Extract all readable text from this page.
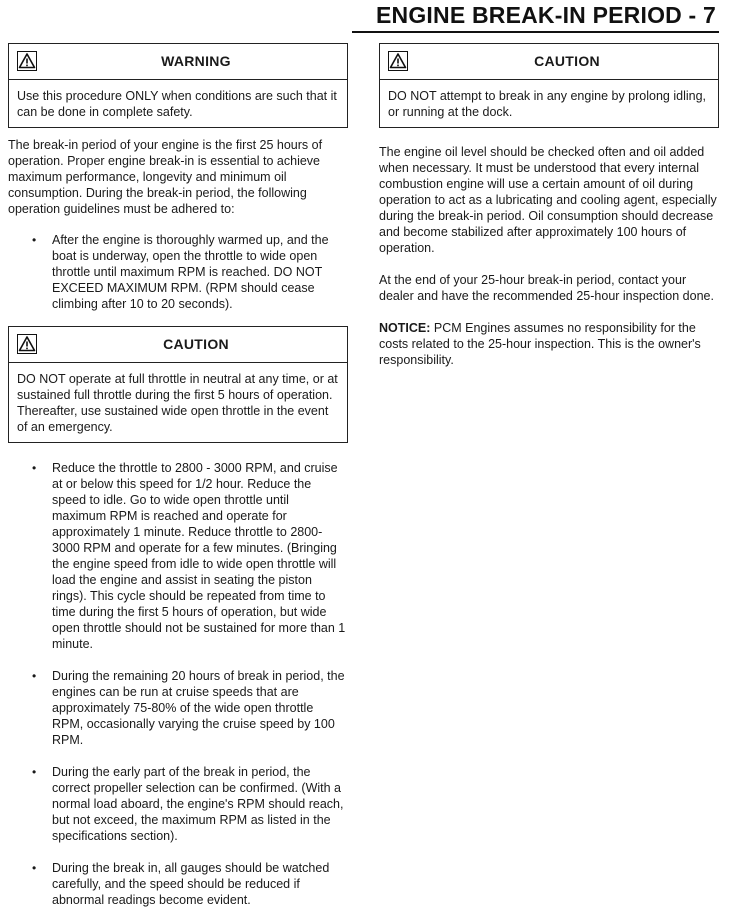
ENGINE BREAK-IN PERIOD - 7
WARNING
Use this procedure ONLY when conditions are such that it can be done in complete safety.

The break-in period of your engine is the first 25 hours of operation. Proper engine break-in is essential to achieve maximum performance, longevity and minimum oil consumption. During the break-in period, the following operation guidelines must be adhered to:

• After the engine is thoroughly warmed up, and the boat is underway, open the throttle to wide open throttle until maximum RPM is reached. DO NOT EXCEED MAXIMUM RPM. (RPM should cease climbing after 10 to 20 seconds).
CAUTION
DO NOT operate at full throttle in neutral at any time, or at sustained full throttle during the first 5 hours of operation. Thereafter, use sustained wide open throttle in the event of an emergency.
• Reduce the throttle to 2800 - 3000 RPM, and cruise at or below this speed for 1/2 hour. Reduce the speed to idle. Go to wide open throttle until maximum RPM is reached and operate for approximately 1 minute. Reduce throttle to 2800-3000 RPM and operate for a few minutes. (Bringing the engine speed from idle to wide open throttle will load the engine and assist in seating the piston rings). This cycle should be repeated from time to time during the first 5 hours of operation, but wide open throttle should not be sustained for more than 1 minute.
• During the remaining 20 hours of break in period, the engines can be run at cruise speeds that are approximately 75-80% of the wide open throttle RPM, occasionally varying the cruise speed by 100 RPM.
• During the early part of the break in period, the correct propeller selection can be confirmed. (With a normal load aboard, the engine's RPM should reach, but not exceed, the maximum RPM as listed in the specifications section).
• During the break in, all gauges should be watched carefully, and the speed should be reduced if abnormal readings become evident.
CAUTION
DO NOT attempt to break in any engine by prolong idling, or running at the dock.

The engine oil level should be checked often and oil added when necessary. It must be understood that every internal combustion engine will use a certain amount of oil during operation to act as a lubricating and cooling agent, especially during the break-in period. Oil consumption should decrease and become stabilized after approximately 100 hours of operation.

At the end of your 25-hour break-in period, contact your dealer and have the recommended 25-hour inspection done.

NOTICE: PCM Engines assumes no responsibility for the costs related to the 25-hour inspection. This is the owner's responsibility.
